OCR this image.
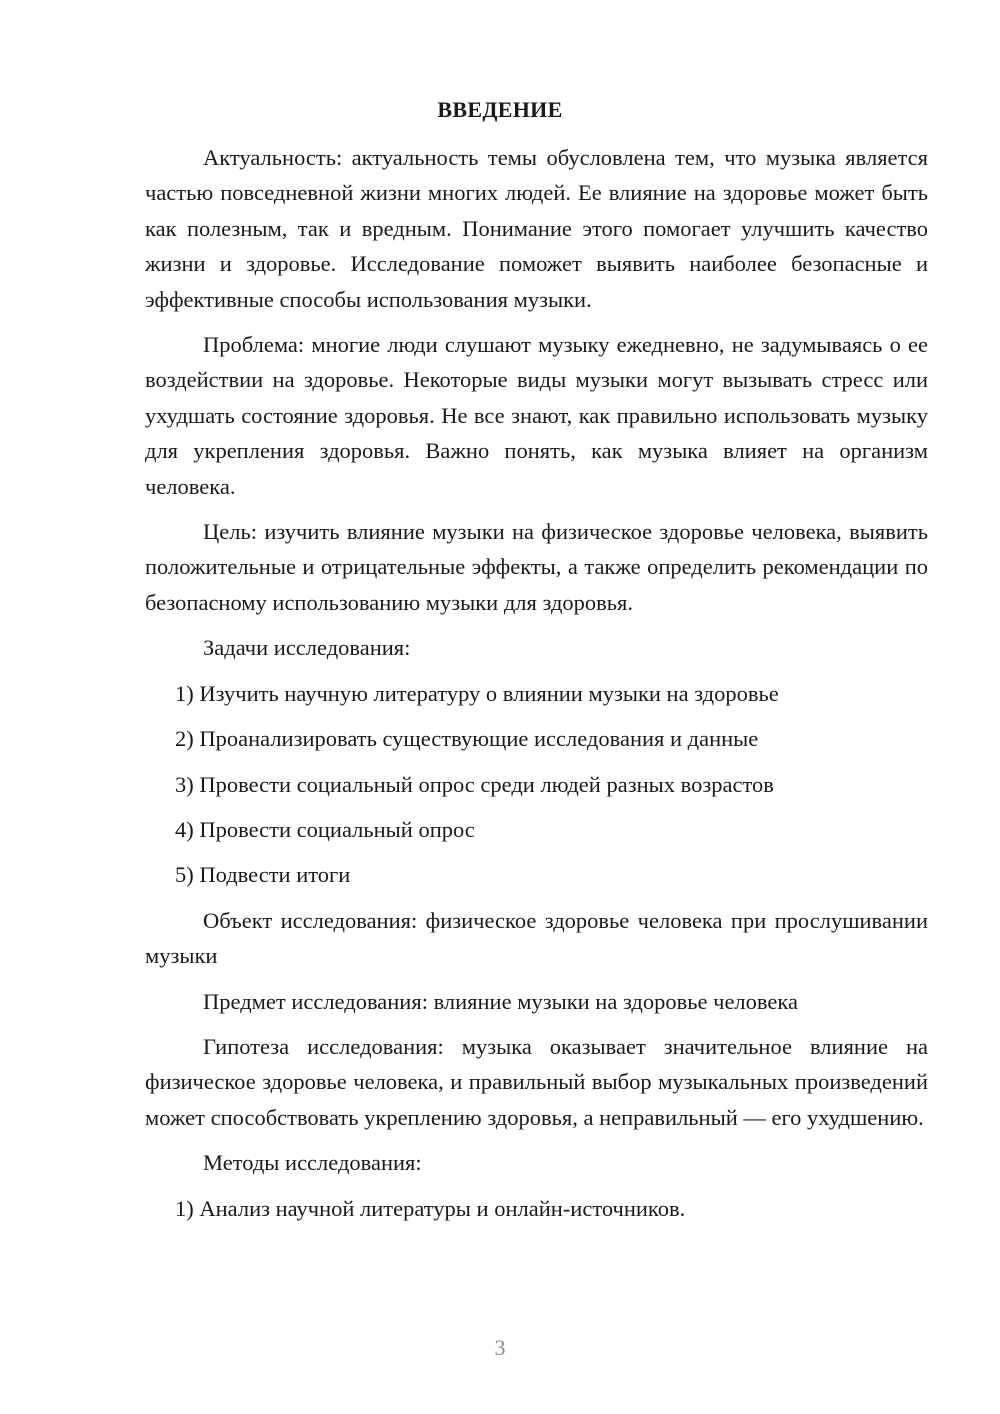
ВВЕДЕНИЕ

Актуальность: актуальность темы обусловлена тем, что музыка является частью повседневной жизни многих людей. Ее влияние на здоровье может быть как полезным, так и вредным. Понимание этого помогает улучшить качество жизни и здоровье. Исследование поможет выявить наиболее безопасные и эффективные способы использования музыки.

Проблема: многие люди слушают музыку ежедневно, не задумываясь о ее воздействии на здоровье. Некоторые виды музыки могут вызывать стресс или ухудшать состояние здоровья. Не все знают, как правильно использовать музыку для укрепления здоровья. Важно понять, как музыка влияет на организм человека.

Цель: изучить влияние музыки на физическое здоровье человека, выявить положительные и отрицательные эффекты, а также определить рекомендации по безопасному использованию музыки для здоровья.

Задачи исследования:

1) Изучить научную литературу о влиянии музыки на здоровье

2) Проанализировать существующие исследования и данные

3) Провести социальный опрос среди людей разных возрастов

4) Провести социальный опрос

5) Подвести итоги

Объект исследования: физическое здоровье человека при прослушивании музыки

Предмет исследования: влияние музыки на здоровье человека

Гипотеза исследования: музыка оказывает значительное влияние на физическое здоровье человека, и правильный выбор музыкальных произведений может способствовать укреплению здоровья, а неправильный — его ухудшению.

Методы исследования:

1) Анализ научной литературы и онлайн-источников.

3
